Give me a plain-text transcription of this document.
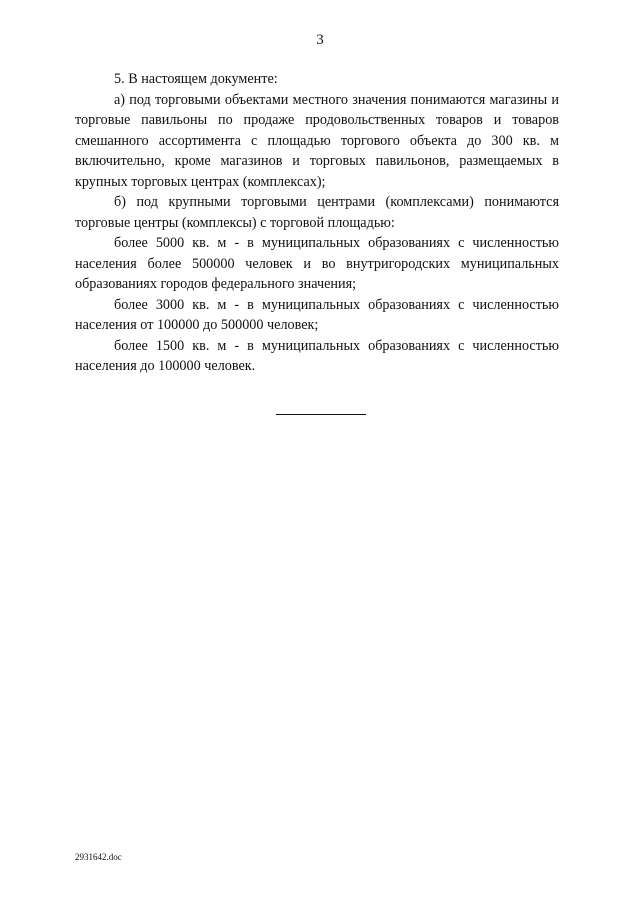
3

5. В настоящем документе:

а) под торговыми объектами местного значения понимаются магазины и торговые павильоны по продаже продовольственных товаров и товаров смешанного ассортимента с площадью торгового объекта до 300 кв. м включительно, кроме магазинов и торговых павильонов, размещаемых в крупных торговых центрах (комплексах);

б) под крупными торговыми центрами (комплексами) понимаются торговые центры (комплексы) с торговой площадью:

более 5000 кв. м - в муниципальных образованиях с численностью населения более 500000 человек и во внутригородских муниципальных образованиях городов федерального значения;

более 3000 кв. м - в муниципальных образованиях с численностью населения от 100000 до 500000 человек;

более 1500 кв. м - в муниципальных образованиях с численностью населения до 100000 человек.

2931642.doc
